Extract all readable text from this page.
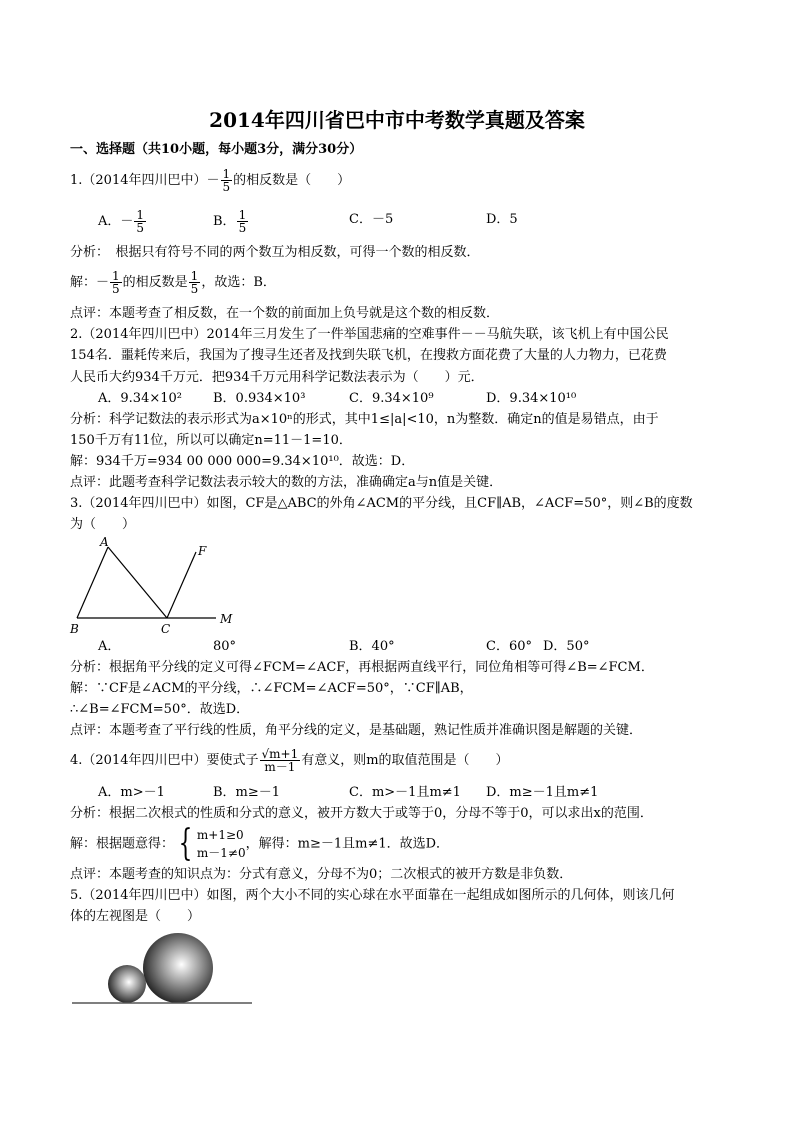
2014年四川省巴中市中考数学真题及答案
一、选择题（共10小题，每小题3分，满分30分）
1.（2014年四川巴中）－ $\frac{1}{5}$ 的相反数是（　　）
A．－ $\frac{1}{5}$	B． $\frac{1}{5}$	C．－5	D．5
分析：　根据只有符号不同的两个数互为相反数，可得一个数的相反数．
解：－ $\frac{1}{5}$ 的相反数是 $\frac{1}{5}$ ，故选：B．
点评：本题考查了相反数，在一个数的前面加上负号就是这个数的相反数．
2.（2014年四川巴中）2014年三月发生了一件举国悲痛的空难事件－－马航失联，该飞机上有中国公民
154名．噩耗传来后，我国为了搜寻生还者及找到失联飞机，在搜救方面花费了大量的人力物力，已花费
人民币大约934千万元．把934千万元用科学记数法表示为（　　）元．
A．9.34×10² B．0.934×10³	C．9.34×10⁹	D．9.34×10¹⁰
分析：科学记数法的表示形式为a×10ⁿ的形式，其中1≤|a|<10，n为整数．确定n的值是易错点，由于
150千万有11位，所以可以确定n=11－1=10．
解：934千万=934 00 000 000=9.34×10¹⁰．故选：D．
点评：此题考查科学记数法表示较大的数的方法，准确确定a与n值是关键．
3.（2014年四川巴中）如图，CF是△ABC的外角∠ACM的平分线，且CF∥AB，∠ACF=50°，则∠B的度数
为（　　）
A
B	C
F
M
A．	80°	B．40°	C．60° D．50°
分析：根据角平分线的定义可得∠FCM=∠ACF，再根据两直线平行，同位角相等可得∠B=∠FCM．
解：∵CF是∠ACM的平分线，∴∠FCM=∠ACF=50°，∵CF∥AB，
∴∠B=∠FCM=50°．故选D．
点评：本题考查了平行线的性质，角平分线的定义，是基础题，熟记性质并准确识图是解题的关键．
4.（2014年四川巴中）要使式子 $\frac{√m+1}{m-1}$ 有意义，则m的取值范围是（　　）
A．m>－1	B．m≥－1	C．m>－1且m≠1 D．m≥－1且m≠1
分析：根据二次根式的性质和分式的意义，被开方数大于或等于0，分母不等于0，可以求出x的范围．
解：根据题意得： { m+1≥0
m－1≠0
，解得：m≥－1且m≠1．故选D．
点评：本题考查的知识点为：分式有意义，分母不为0；二次根式的被开方数是非负数．
5.（2014年四川巴中）如图，两个大小不同的实心球在水平面靠在一起组成如图所示的几何体，则该几何
体的左视图是（　　）
